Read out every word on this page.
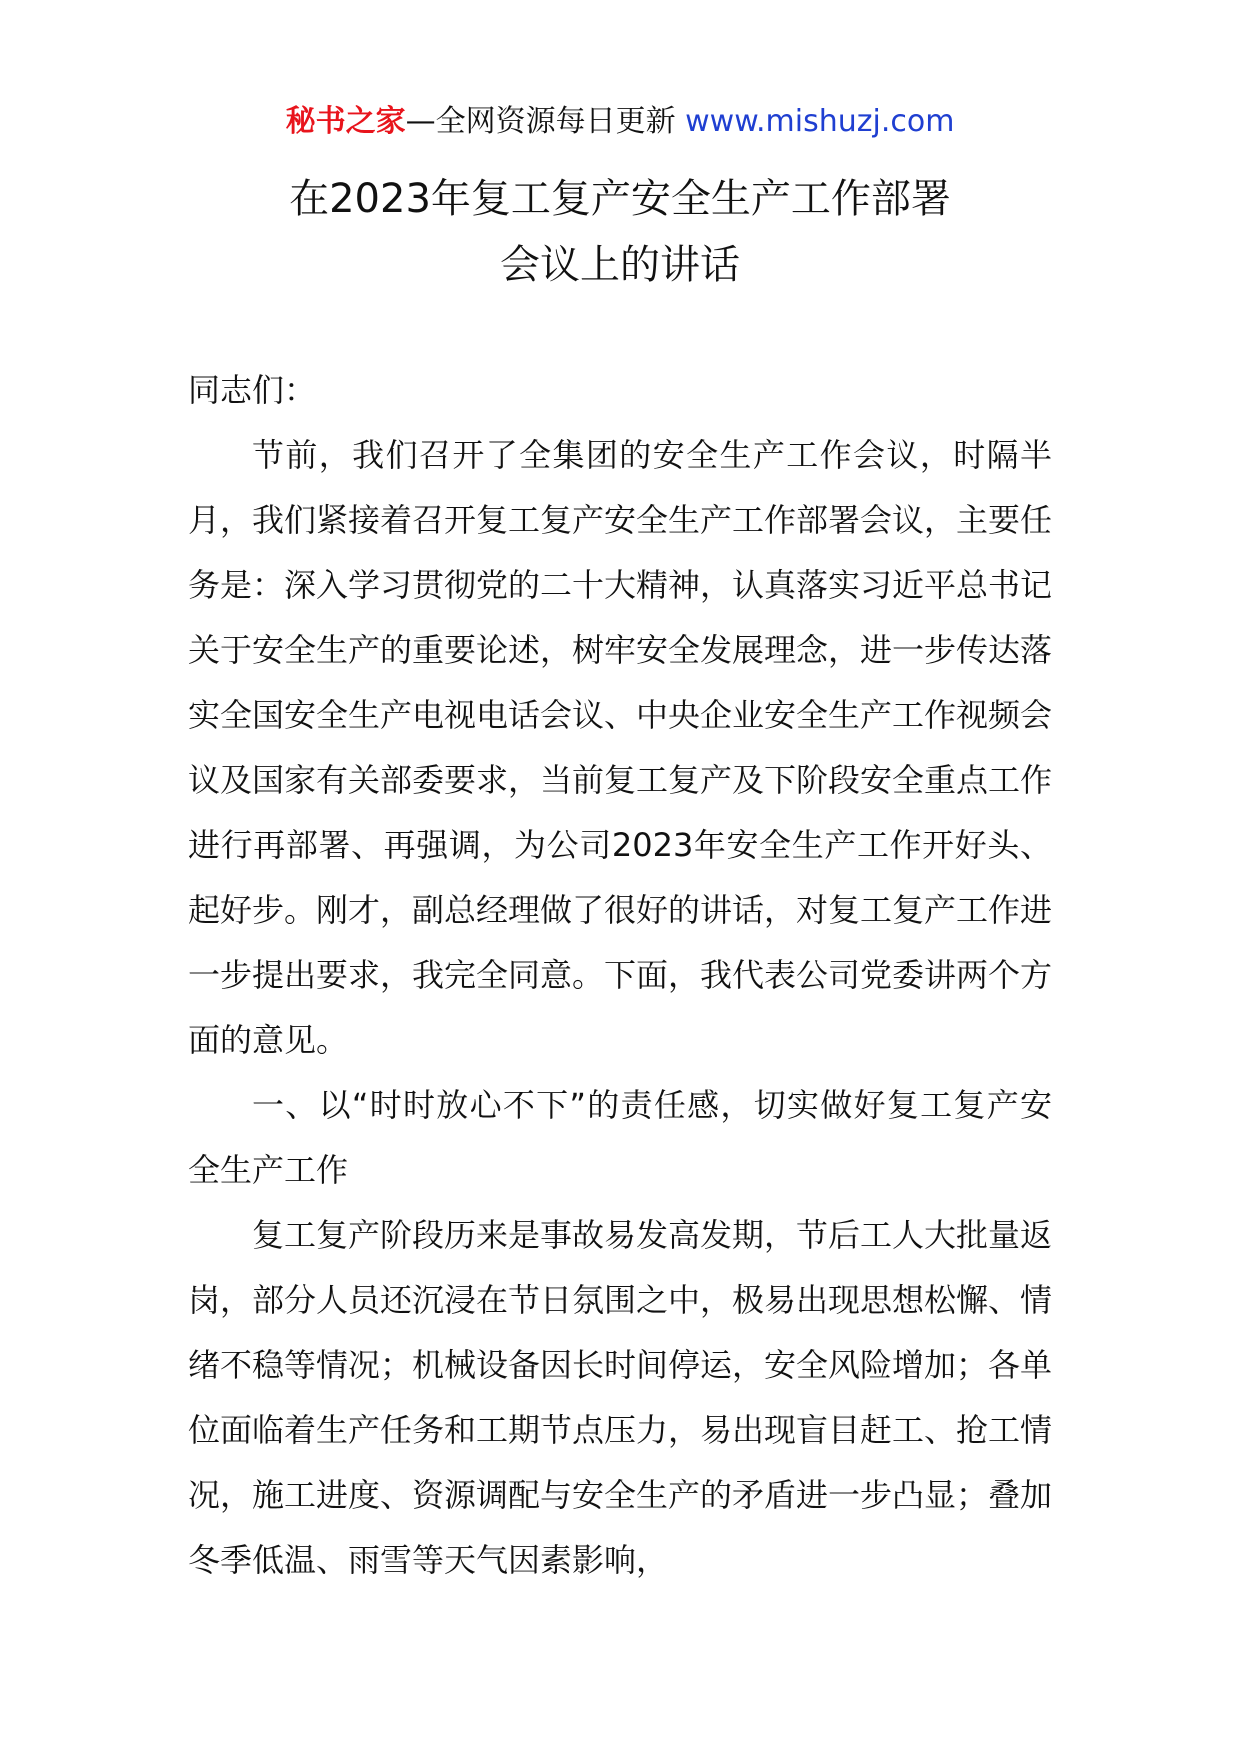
秘书之家—全网资源每日更新 www.mishuzj.com
在2023年复工复产安全生产工作部署
会议上的讲话

同志们：

节前，我们召开了全集团的安全生产工作会议，时隔半月，我们紧接着召开复工复产安全生产工作部署会议，主要任务是：深入学习贯彻党的二十大精神，认真落实习近平总书记关于安全生产的重要论述，树牢安全发展理念，进一步传达落实全国安全生产电视电话会议、中央企业安全生产工作视频会议及国家有关部委要求，当前复工复产及下阶段安全重点工作进行再部署、再强调，为公司2023年安全生产工作开好头、起好步。刚才，副总经理做了很好的讲话，对复工复产工作进一步提出要求，我完全同意。下面，我代表公司党委讲两个方面的意见。

一、以“时时放心不下”的责任感，切实做好复工复产安全生产工作

复工复产阶段历来是事故易发高发期，节后工人大批量返岗，部分人员还沉浸在节日氛围之中，极易出现思想松懈、情绪不稳等情况；机械设备因长时间停运，安全风险增加；各单位面临着生产任务和工期节点压力，易出现盲目赶工、抢工情况，施工进度、资源调配与安全生产的矛盾进一步凸显；叠加冬季低温、雨雪等天气因素影响，
